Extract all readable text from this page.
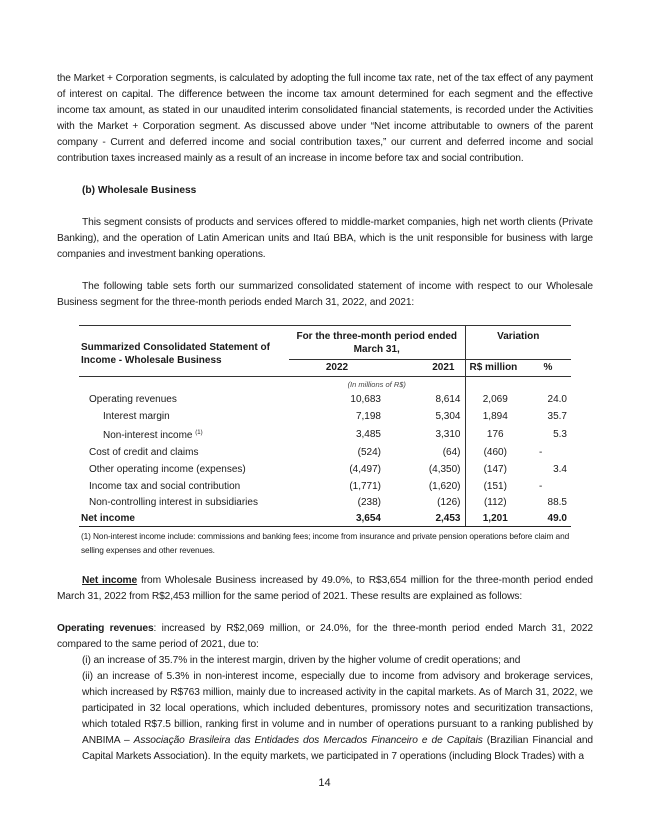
the Market + Corporation segments, is calculated by adopting the full income tax rate, net of the tax effect of any payment of interest on capital. The difference between the income tax amount determined for each segment and the effective income tax amount, as stated in our unaudited interim consolidated financial statements, is recorded under the Activities with the Market + Corporation segment. As discussed above under “Net income attributable to owners of the parent company - Current and deferred income and social contribution taxes,” our current and deferred income and social contribution taxes increased mainly as a result of an increase in income before tax and social contribution.

(b) Wholesale Business

This segment consists of products and services offered to middle-market companies, high net worth clients (Private Banking), and the operation of Latin American units and Itaú BBA, which is the unit responsible for business with large companies and investment banking operations.

The following table sets forth our summarized consolidated statement of income with respect to our Wholesale Business segment for the three-month periods ended March 31, 2022, and 2021:

Summarized Consolidated Statement of Income - Wholesale Business	For the three-month period ended March 31,		Variation	
	2022	2021	R$ million	%
	(In millions of R$)			
Operating revenues	10,683	8,614	2,069	24.0
Interest margin	7,198	5,304	1,894	35.7
Non-interest income $^{(1)}$	3,485	3,310	176	5.3
Cost of credit and claims	(524)	(64)	(460)	-
Other operating income (expenses)	(4,497)	(4,350)	(147)	3.4
Income tax and social contribution	(1,771)	(1,620)	(151)	-
Non-controlling interest in subsidiaries	(238)	(126)	(112)	88.5
Net income	3,654	2,453	1,201	49.0

(1) Non-interest income include: commissions and banking fees; income from insurance and private pension operations before claim and selling expenses and other revenues.

Net income from Wholesale Business increased by 49.0%, to R$3,654 million for the three-month period ended March 31, 2022 from R$2,453 million for the same period of 2021. These results are explained as follows:

Operating revenues: increased by R$2,069 million, or 24.0%, for the three-month period ended March 31, 2022 compared to the same period of 2021, due to:

(i) an increase of 35.7% in the interest margin, driven by the higher volume of credit operations; and

(ii) an increase of 5.3% in non-interest income, especially due to income from advisory and brokerage services, which increased by R$763 million, mainly due to increased activity in the capital markets. As of March 31, 2022, we participated in 32 local operations, which included debentures, promissory notes and securitization transactions, which totaled R$7.5 billion, ranking first in volume and in number of operations pursuant to a ranking published by ANBIMA – Associação Brasileira das Entidades dos Mercados Financeiro e de Capitais (Brazilian Financial and Capital Markets Association). In the equity markets, we participated in 7 operations (including Block Trades) with a

14
